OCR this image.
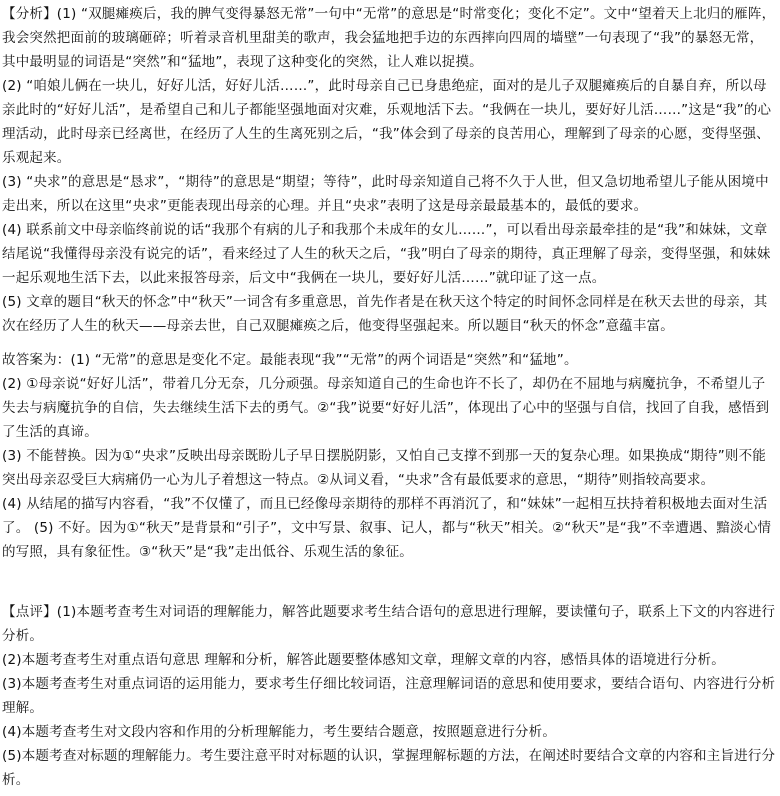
【分析】(1) “双腿瘫痪后，我的脾气变得暴怒无常”一句中“无常”的意思是“时常变化；变化不定”。文中“望着天上北归的雁阵，我会突然把面前的玻璃砸碎；听着录音机里甜美的歌声，我会猛地把手边的东西摔向四周的墙壁”一句表现了“我”的暴怒无常，其中最明显的词语是“突然”和“猛地”，表现了这种变化的突然，让人难以捉摸。

(2) “咱娘儿俩在一块儿，好好儿活，好好儿活……”，此时母亲自己已身患绝症，面对的是儿子双腿瘫痪后的自暴自弃，所以母亲此时的“好好儿活”，是希望自己和儿子都能坚强地面对灾难，乐观地活下去。“我俩在一块儿，要好好儿活……”这是“我”的心理活动，此时母亲已经离世，在经历了人生的生离死别之后，“我”体会到了母亲的良苦用心，理解到了母亲的心愿，变得坚强、乐观起来。

(3) “央求”的意思是“恳求”，“期待”的意思是“期望；等待”，此时母亲知道自己将不久于人世，但又急切地希望儿子能从困境中走出来，所以在这里“央求”更能表现出母亲的心理。并且“央求”表明了这是母亲最最基本的，最低的要求。

(4) 联系前文中母亲临终前说的话“我那个有病的儿子和我那个未成年的女儿……”，可以看出母亲最牵挂的是“我”和妹妹，文章结尾说“我懂得母亲没有说完的话”，看来经过了人生的秋天之后，“我”明白了母亲的期待，真正理解了母亲，变得坚强，和妹妹一起乐观地生活下去，以此来报答母亲，后文中“我俩在一块儿，要好好儿活……”就印证了这一点。

(5) 文章的题目“秋天的怀念”中“秋天”一词含有多重意思，首先作者是在秋天这个特定的时间怀念同样是在秋天去世的母亲，其次在经历了人生的秋天——母亲去世，自己双腿瘫痪之后，他变得坚强起来。所以题目“秋天的怀念”意蕴丰富。

故答案为：(1) “无常”的意思是变化不定。最能表现“我”“无常”的两个词语是“突然”和“猛地”。

(2) ①母亲说“好好儿活”，带着几分无奈，几分顽强。母亲知道自己的生命也许不长了，却仍在不屈地与病魔抗争，不希望儿子失去与病魔抗争的自信，失去继续生活下去的勇气。②“我”说要“好好儿活”，体现出了心中的坚强与自信，找回了自我，感悟到了生活的真谛。

(3) 不能替换。因为①“央求”反映出母亲既盼儿子早日摆脱阴影，又怕自己支撑不到那一天的复杂心理。如果换成“期待”则不能突出母亲忍受巨大病痛仍一心为儿子着想这一特点。②从词义看，“央求”含有最低要求的意思，“期待”则指较高要求。

(4) 从结尾的描写内容看，“我”不仅懂了，而且已经像母亲期待的那样不再消沉了，和“妹妹”一起相互扶持着积极地去面对生活了。 (5) 不好。因为①“秋天”是背景和“引子”，文中写景、叙事、记人，都与“秋天”相关。②“秋天”是“我”不幸遭遇、黯淡心情的写照，具有象征性。③“秋天”是“我”走出低谷、乐观生活的象征。

【点评】(1)本题考查考生对词语的理解能力，解答此题要求考生结合语句的意思进行理解，要读懂句子，联系上下文的内容进行分析。

(2)本题考查考生对重点语句意思 理解和分析，解答此题要整体感知文章，理解文章的内容，感悟具体的语境进行分析。

(3)本题考查考生对重点词语的运用能力，要求考生仔细比较词语，注意理解词语的意思和使用要求，要结合语句、内容进行分析理解。

(4)本题考查考生对文段内容和作用的分析理解能力，考生要结合题意，按照题意进行分析。

(5)本题考查对标题的理解能力。考生要注意平时对标题的认识，掌握理解标题的方法，在阐述时要结合文章的内容和主旨进行分析。
